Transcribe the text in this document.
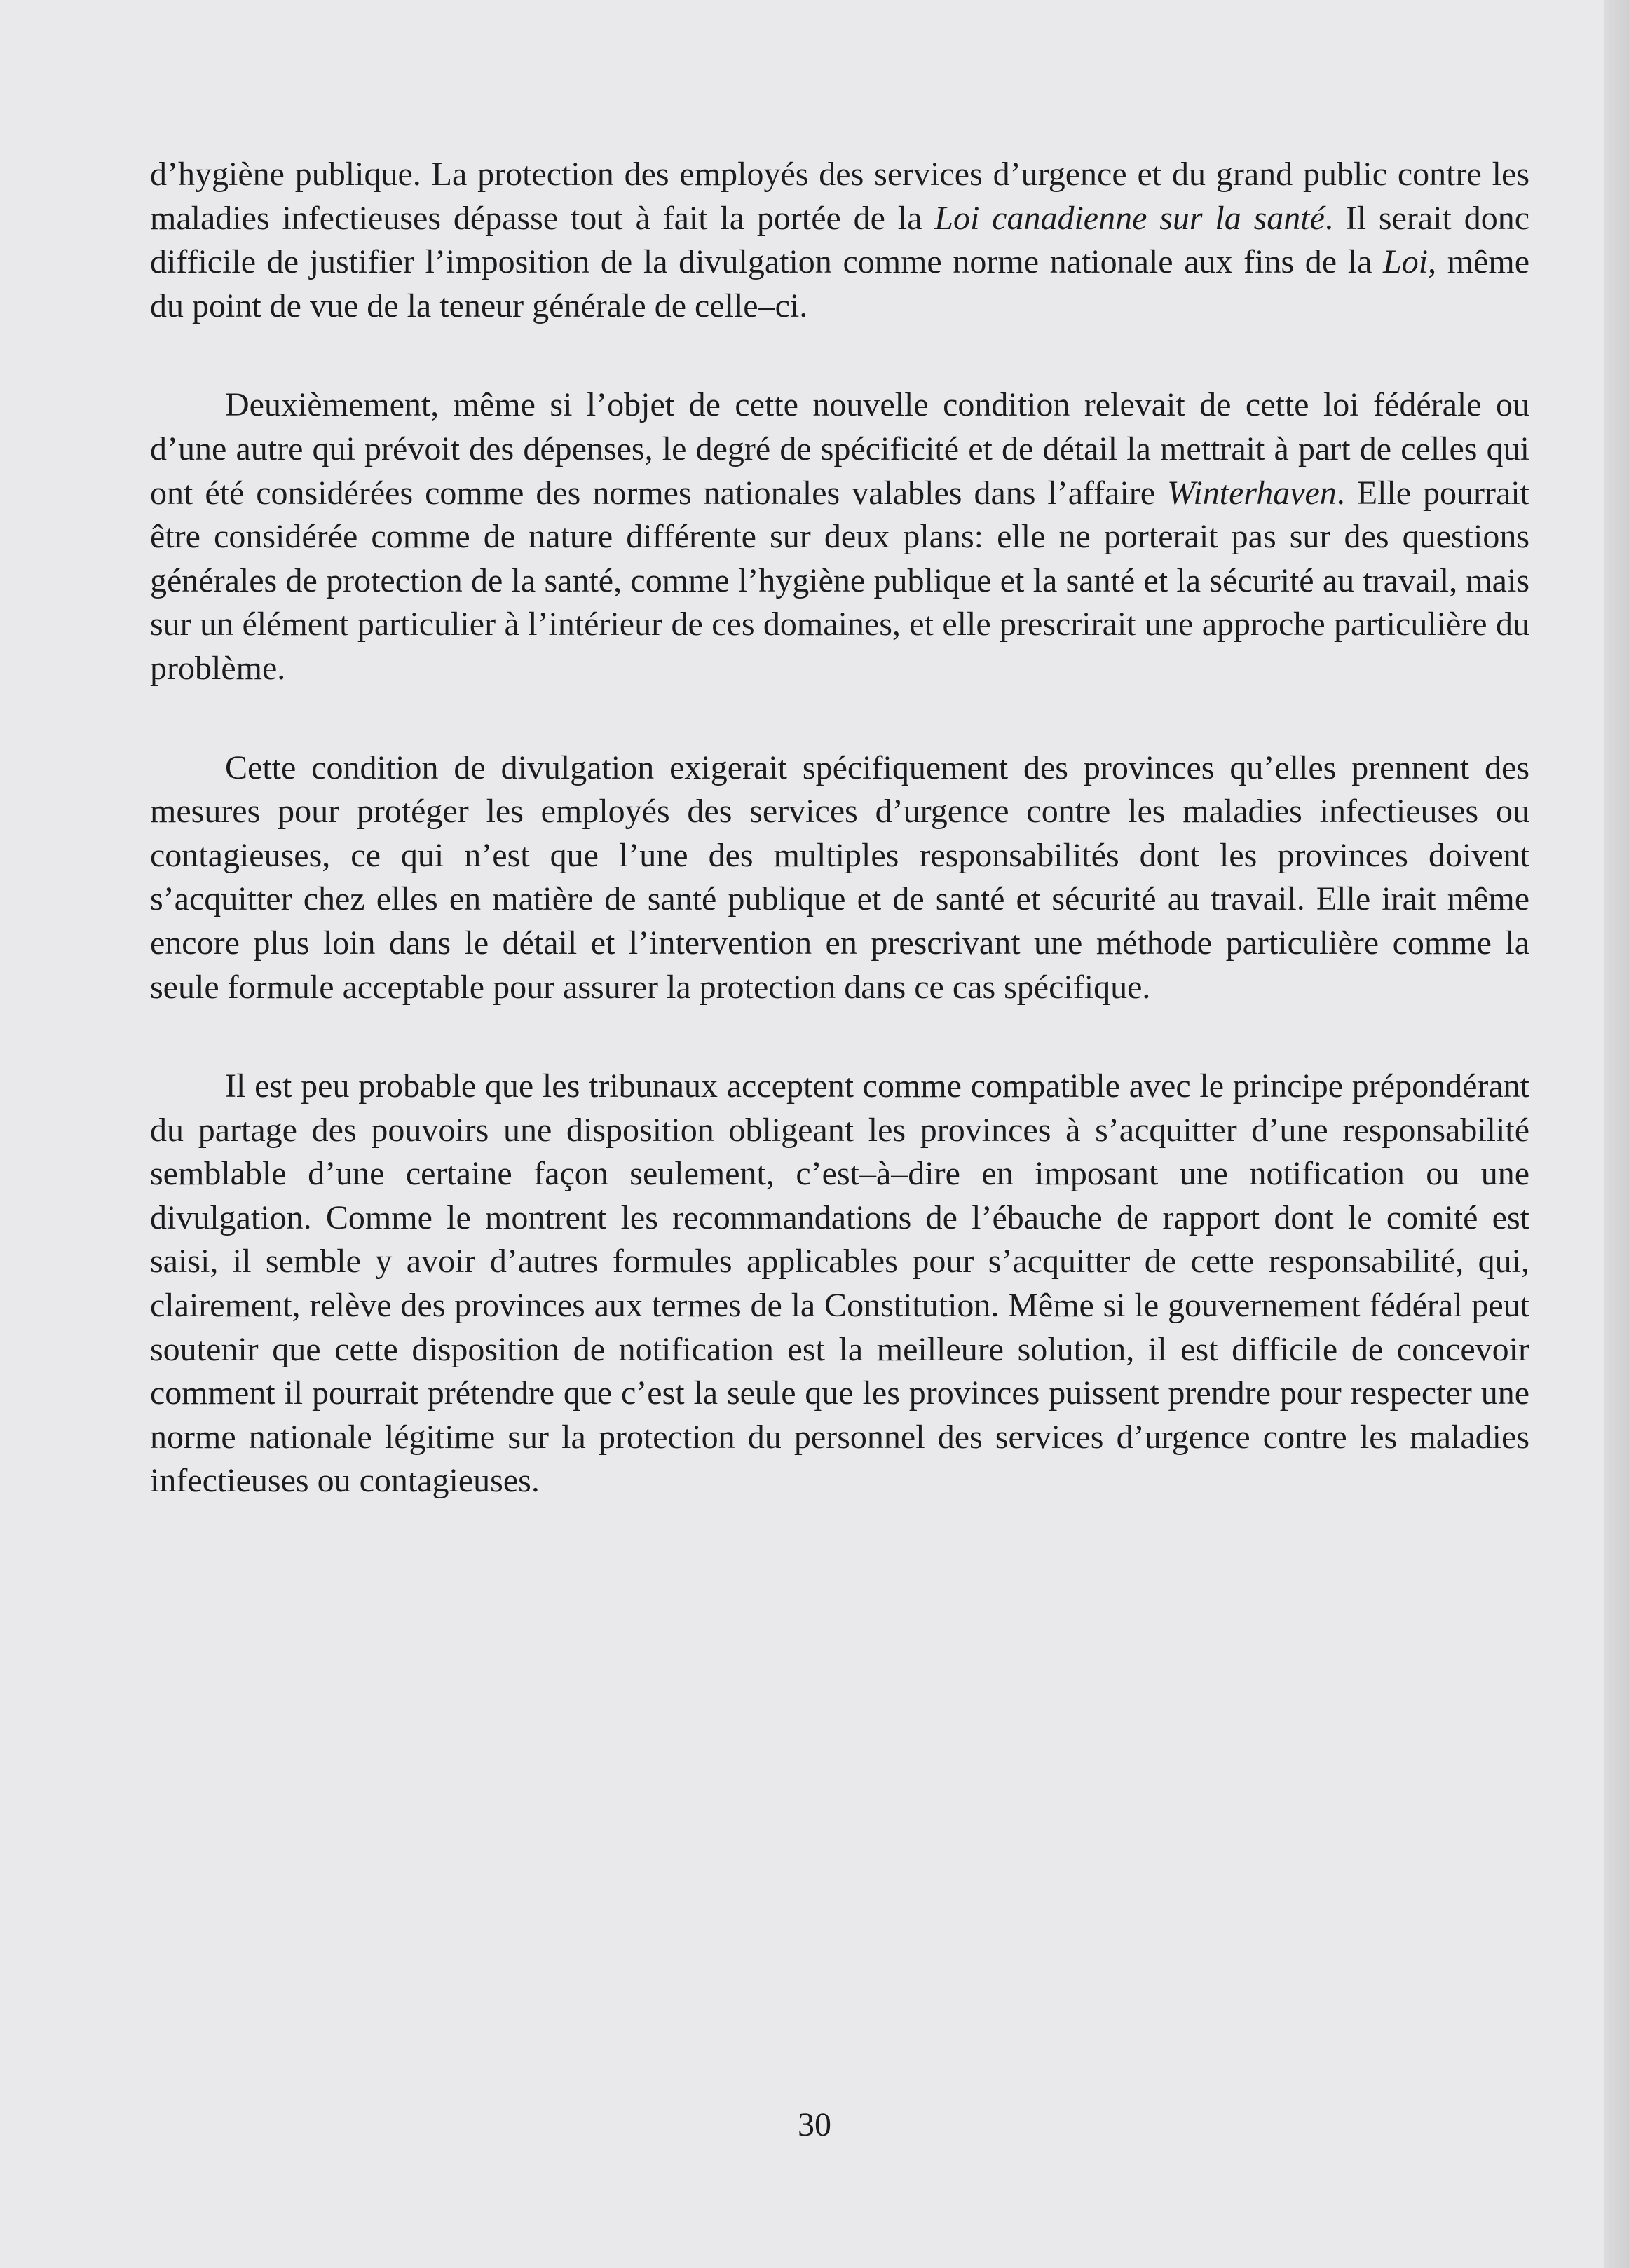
d’hygiène publique. La protection des employés des services d’urgence et du grand public contre les maladies infectieuses dépasse tout à fait la portée de la Loi canadienne sur la santé. Il serait donc difficile de justifier l’imposition de la divulgation comme norme nationale aux fins de la Loi, même du point de vue de la teneur générale de celle–ci.

Deuxièmement, même si l’objet de cette nouvelle condition relevait de cette loi fédérale ou d’une autre qui prévoit des dépenses, le degré de spécificité et de détail la mettrait à part de celles qui ont été considérées comme des normes nationales valables dans l’affaire Winterhaven. Elle pourrait être considérée comme de nature différente sur deux plans: elle ne porterait pas sur des questions générales de protection de la santé, comme l’hygiène publique et la santé et la sécurité au travail, mais sur un élément particulier à l’intérieur de ces domaines, et elle prescrirait une approche particulière du problème.

Cette condition de divulgation exigerait spécifiquement des provinces qu’elles prennent des mesures pour protéger les employés des services d’urgence contre les maladies infectieuses ou contagieuses, ce qui n’est que l’une des multiples responsabilités dont les provinces doivent s’acquitter chez elles en matière de santé publique et de santé et sécurité au travail. Elle irait même encore plus loin dans le détail et l’intervention en prescrivant une méthode particulière comme la seule formule acceptable pour assurer la protection dans ce cas spécifique.

Il est peu probable que les tribunaux acceptent comme compatible avec le principe prépondérant du partage des pouvoirs une disposition obligeant les provinces à s’acquitter d’une responsabilité semblable d’une certaine façon seulement, c’est–à–dire en imposant une notification ou une divulgation. Comme le montrent les recommandations de l’ébauche de rapport dont le comité est saisi, il semble y avoir d’autres formules applicables pour s’acquitter de cette responsabilité, qui, clairement, relève des provinces aux termes de la Constitution. Même si le gouvernement fédéral peut soutenir que cette disposition de notification est la meilleure solution, il est difficile de concevoir comment il pourrait prétendre que c’est la seule que les provinces puissent prendre pour respecter une norme nationale légitime sur la protection du personnel des services d’urgence contre les maladies infectieuses ou contagieuses.

30
